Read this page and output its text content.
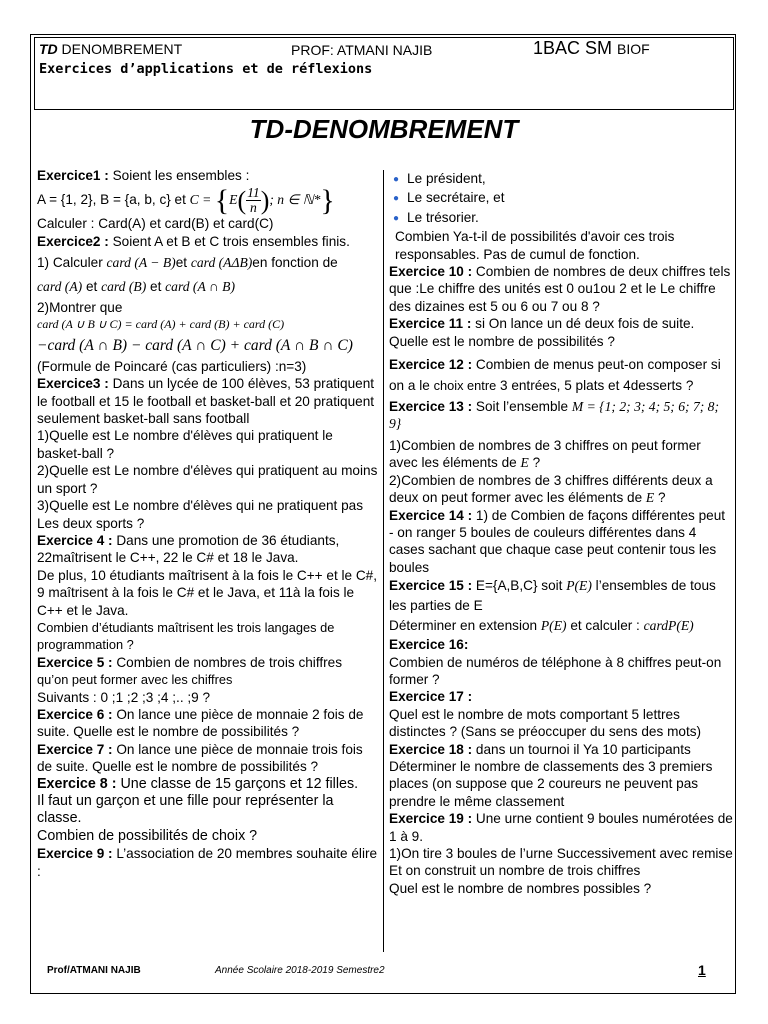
TD DENOMBREMENT	PROF: ATMANI NAJIB	1BAC SM BIOF
Exercices d’applications et de réflexions
TD-DENOMBREMENT

Exercice1 : Soient les ensembles :

A = {1, 2}, B = {a, b, c} et $C = \{E( \frac{11}{n}$ ); n ∈ ℕ*}

Calculer : Card(A) et card(B) et card(C)

Exercice2 : Soient A et B et C trois ensembles finis.

1) Calculer card (A − B)et card (AΔB)en fonction de

card (A) et card (B) et card (A ∩ B)

2)Montrer que

card (A ∪ B ∪ C) = card (A) + card (B) + card (C)

−card (A ∩ B) − card (A ∩ C) + card (A ∩ B ∩ C)

(Formule de Poincaré (cas particuliers) :n=3)

Exercice3 : Dans un lycée de 100 élèves, 53 pratiquent le football et 15 le football et basket-ball et 20 pratiquent seulement basket-ball sans football

1)Quelle est Le nombre d'élèves qui pratiquent le basket-ball ?

2)Quelle est Le nombre d'élèves qui pratiquent au moins un sport ?

3)Quelle est Le nombre d'élèves qui ne pratiquent pas Les deux sports ?

Exercice 4 : Dans une promotion de 36 étudiants, 22maîtrisent le C++, 22 le C# et 18 le Java.

De plus, 10 étudiants maîtrisent à la fois le C++ et le C#, 9 maîtrisent à la fois le C# et le Java, et 11à la fois le C++ et le Java.

Combien d’étudiants maîtrisent les trois langages de programmation ?

Exercice 5 : Combien de nombres de trois chiffres

qu’on peut former avec les chiffres

Suivants : 0 ;1 ;2 ;3 ;4 ;.. ;9 ?

Exercice 6 : On lance une pièce de monnaie 2 fois de suite. Quelle est le nombre de possibilités ?

Exercice 7 : On lance une pièce de monnaie trois fois de suite. Quelle est le nombre de possibilités ?

Exercice 8 : Une classe de 15 garçons et 12 filles.

Il faut un garçon et une fille pour représenter la classe.

Combien de possibilités de choix ?

Exercice 9 : L’association de 20 membres souhaite élire :

● Le président,

● Le secrétaire, et

● Le trésorier.

Combien Ya-t-il de possibilités d'avoir ces trois responsables. Pas de cumul de fonction.

Exercice 10 : Combien de nombres de deux chiffres tels que :Le chiffre des unités est 0 ou1ou 2 et le Le chiffre des dizaines est 5 ou 6 ou 7 ou 8 ?

Exercice 11 : si On lance un dé deux fois de suite. Quelle est le nombre de possibilités ?

Exercice 12 : Combien de menus peut-on composer si on a le choix entre 3 entrées, 5 plats et 4desserts ?

Exercice 13 : Soit l’ensemble M = {1; 2; 3; 4; 5; 6; 7; 8; 9}

1)Combien de nombres de 3 chiffres on peut former avec les éléments de E ?

2)Combien de nombres de 3 chiffres différents deux a deux on peut former avec les éléments de E ?

Exercice 14 : 1) de Combien de façons différentes peut - on ranger 5 boules de couleurs différentes dans 4 cases sachant que chaque case peut contenir tous les boules

Exercice 15 : E={A,B,C} soit P(E) l’ensembles de tous les parties de E

Déterminer en extension P(E) et calculer : cardP(E)

Exercice 16:

Combien de numéros de téléphone à 8 chiffres peut-on former ?

Exercice 17 :

Quel est le nombre de mots comportant 5 lettres distinctes ? (Sans se préoccuper du sens des mots)

Exercice 18 : dans un tournoi il Ya 10 participants

Déterminer le nombre de classements des 3 premiers places (on suppose que 2 coureurs ne peuvent pas prendre le même classement

Exercice 19 : Une urne contient 9 boules numérotées de 1 à 9.

1)On tire 3 boules de l’urne Successivement avec remise

Et on construit un nombre de trois chiffres

Quel est le nombre de nombres possibles ?

Prof/ATMANI NAJIB	Année Scolaire 2018-2019 Semestre2	1
